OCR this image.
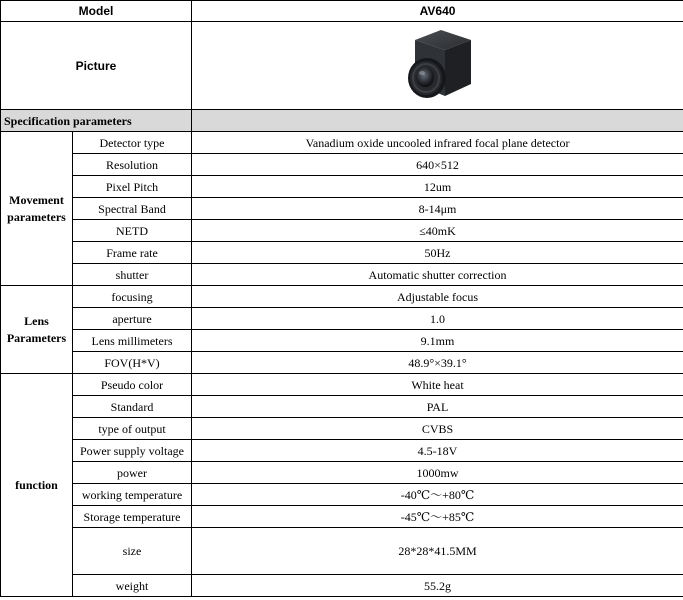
Model		AV640
Picture	

Specification parameters		
Movement parameters	Detector type	Vanadium oxide uncooled infrared focal plane detector
	Resolution	640×512
	Pixel Pitch	12um
	Spectral Band	8-14μm
	NETD	≤40mK
	Frame rate	50Hz
	shutter	Automatic shutter correction
Lens Parameters	focusing	Adjustable focus
	aperture	1.0
	Lens millimeters	9.1mm
	FOV(H*V)	48.9°×39.1°
function	Pseudo color	White heat
	Standard	PAL
	type of output	CVBS
	Power supply voltage	4.5-18V
	power	1000mw
	working temperature	-40℃～+80℃
	Storage temperature	-45℃～+85℃
	size	28*28*41.5MM
	weight	55.2g
